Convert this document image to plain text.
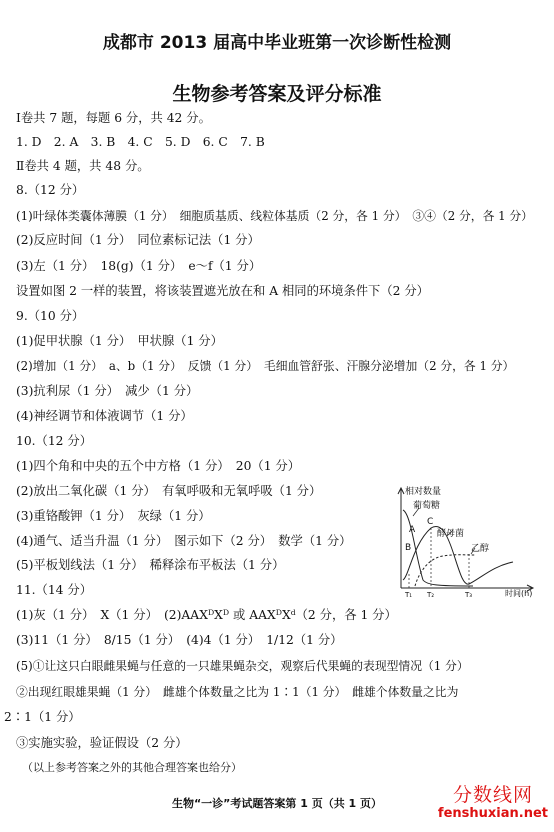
成都市 2013 届高中毕业班第一次诊断性检测
生物参考答案及评分标准
Ⅰ卷共 7 题，每题 6 分，共 42 分。
1. D　2. A　3. B　4. C　5. D　6. C　7. B
Ⅱ卷共 4 题，共 48 分。
8.（12 分）
(1)叶绿体类囊体薄膜（1 分）　细胞质基质、线粒体基质（2 分，各 1 分）　③④（2 分，各 1 分）
(2)反应时间（1 分）　同位素标记法（1 分）
(3)左（1 分）　18(g)（1 分）　e～f（1 分）
设置如图 2 一样的装置，将该装置遮光放在和 A 相同的环境条件下（2 分）
9.（10 分）
(1)促甲状腺（1 分）　甲状腺（1 分）
(2)增加（1 分）　a、b（1 分）　反馈（1 分）　毛细血管舒张、汗腺分泌增加（2 分，各 1 分）
(3)抗利尿（1 分）　减少（1 分）
(4)神经调节和体液调节（1 分）
10.（12 分）
(1)四个角和中央的五个中方格（1 分）　20（1 分）
(2)放出二氧化碳（1 分）　有氧呼吸和无氧呼吸（1 分）
(3)重铬酸钾（1 分）　灰绿（1 分）
(4)通气、适当升温（1 分）　图示如下（2 分）　数学（1 分）
(5)平板划线法（1 分）　稀释涂布平板法（1 分）
11.（14 分）
(1)灰（1 分）　X（1 分）　(2)AAXᴰXᴰ 或 AAXᴰXᵈ（2 分，各 1 分）
(3)11（1 分）　8/15（1 分）　(4)4（1 分）　1/12（1 分）
(5)①让这只白眼雌果蝇与任意的一只雄果蝇杂交，观察后代果蝇的表现型情况（1 分）
②出现红眼雄果蝇（1 分）　雌雄个体数量之比为 1∶1（1 分）　雌雄个体数量之比为
2∶1（1 分）
③实施实验，验证假设（2 分）
（以上参考答案之外的其他合理答案也给分）
相对数量
葡萄糖
酵母菌
乙醇
A
B
C
T₁ T₂	T₃	时间(h)
生物“一诊”考试题答案第 1 页（共 1 页）	分数线网
fenshuxian.net
